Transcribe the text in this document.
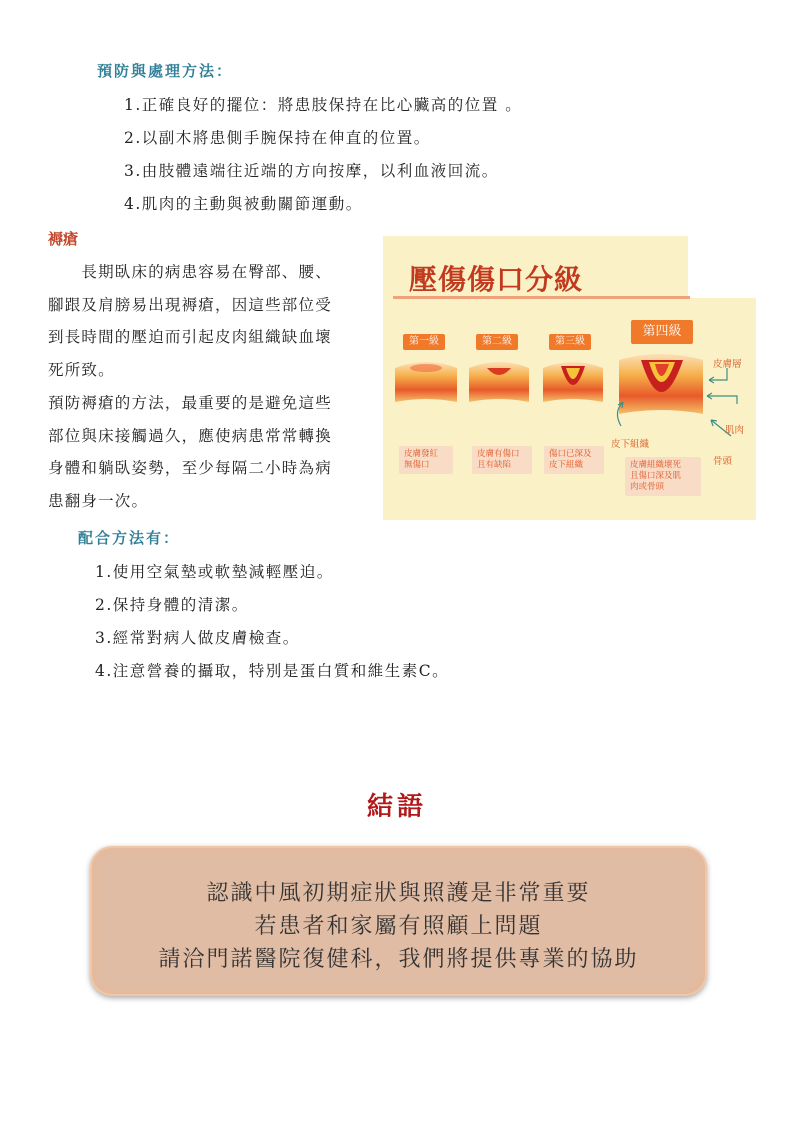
預防與處理方法：
1.正確良好的擺位：將患肢保持在比心臟高的位置 。
2.以副木將患側手腕保持在伸直的位置。
3.由肢體遠端往近端的方向按摩，以利血液回流。
4.肌肉的主動與被動關節運動。
褥瘡
　　長期臥床的病患容易在臀部、腰、
腳跟及肩膀易出現褥瘡，因這些部位受
到長時間的壓迫而引起皮肉組織缺血壞
死所致。
預防褥瘡的方法，最重要的是避免這些
部位與床接觸過久，應使病患常常轉換
身體和躺臥姿勢，至少每隔二小時為病
患翻身一次。
配合方法有：
1.使用空氣墊或軟墊減輕壓迫。
2.保持身體的清潔。
3.經常對病人做皮膚檢查。
4.注意營養的攝取，特別是蛋白質和維生素C。
壓傷傷口分級
第一級	第二級	第三級
第四級
皮膚層
肌肉
骨頭
皮下組織
皮膚發紅
無傷口
皮膚有傷口
且有缺陷
傷口已深及
皮下組織	皮膚組織壞死
且傷口深及肌
肉或骨頭
結語
認識中風初期症狀與照護是非常重要
若患者和家屬有照顧上問題
請洽門諾醫院復健科，我們將提供專業的協助
